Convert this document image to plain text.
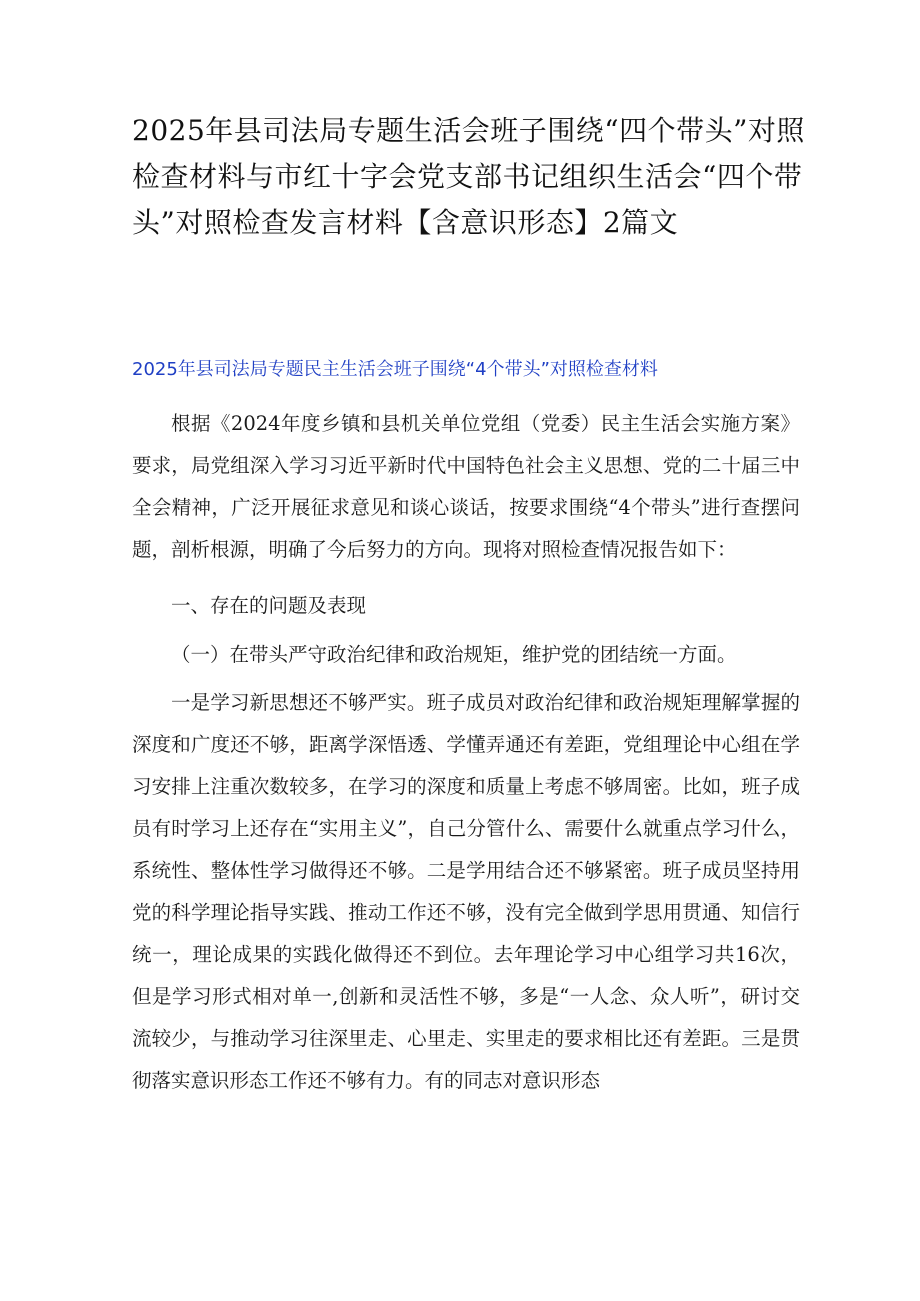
2025年县司法局专题生活会班子围绕“四个带头”对照检查材料与市红十字会党支部书记组织生活会“四个带头”对照检查发言材料【含意识形态】2篇文
2025年县司法局专题民主生活会班子围绕“4个带头”对照检查材料

根据《2024年度乡镇和县机关单位党组（党委）民主生活会实施方案》要求，局党组深入学习习近平新时代中国特色社会主义思想、党的二十届三中全会精神，广泛开展征求意见和谈心谈话，按要求围绕“4个带头”进行查摆问题，剖析根源，明确了今后努力的方向。现将对照检查情况报告如下：

一、存在的问题及表现

（一）在带头严守政治纪律和政治规矩，维护党的团结统一方面。

一是学习新思想还不够严实。班子成员对政治纪律和政治规矩理解掌握的深度和广度还不够，距离学深悟透、学懂弄通还有差距，党组理论中心组在学习安排上注重次数较多，在学习的深度和质量上考虑不够周密。比如，班子成员有时学习上还存在“实用主义”，自己分管什么、需要什么就重点学习什么，系统性、整体性学习做得还不够。二是学用结合还不够紧密。班子成员坚持用党的科学理论指导实践、推动工作还不够，没有完全做到学思用贯通、知信行统一，理论成果的实践化做得还不到位。去年理论学习中心组学习共16次，但是学习形式相对单一,创新和灵活性不够，多是“一人念、众人听”，研讨交流较少，与推动学习往深里走、心里走、实里走的要求相比还有差距。三是贯彻落实意识形态工作还不够有力。有的同志对意识形态
